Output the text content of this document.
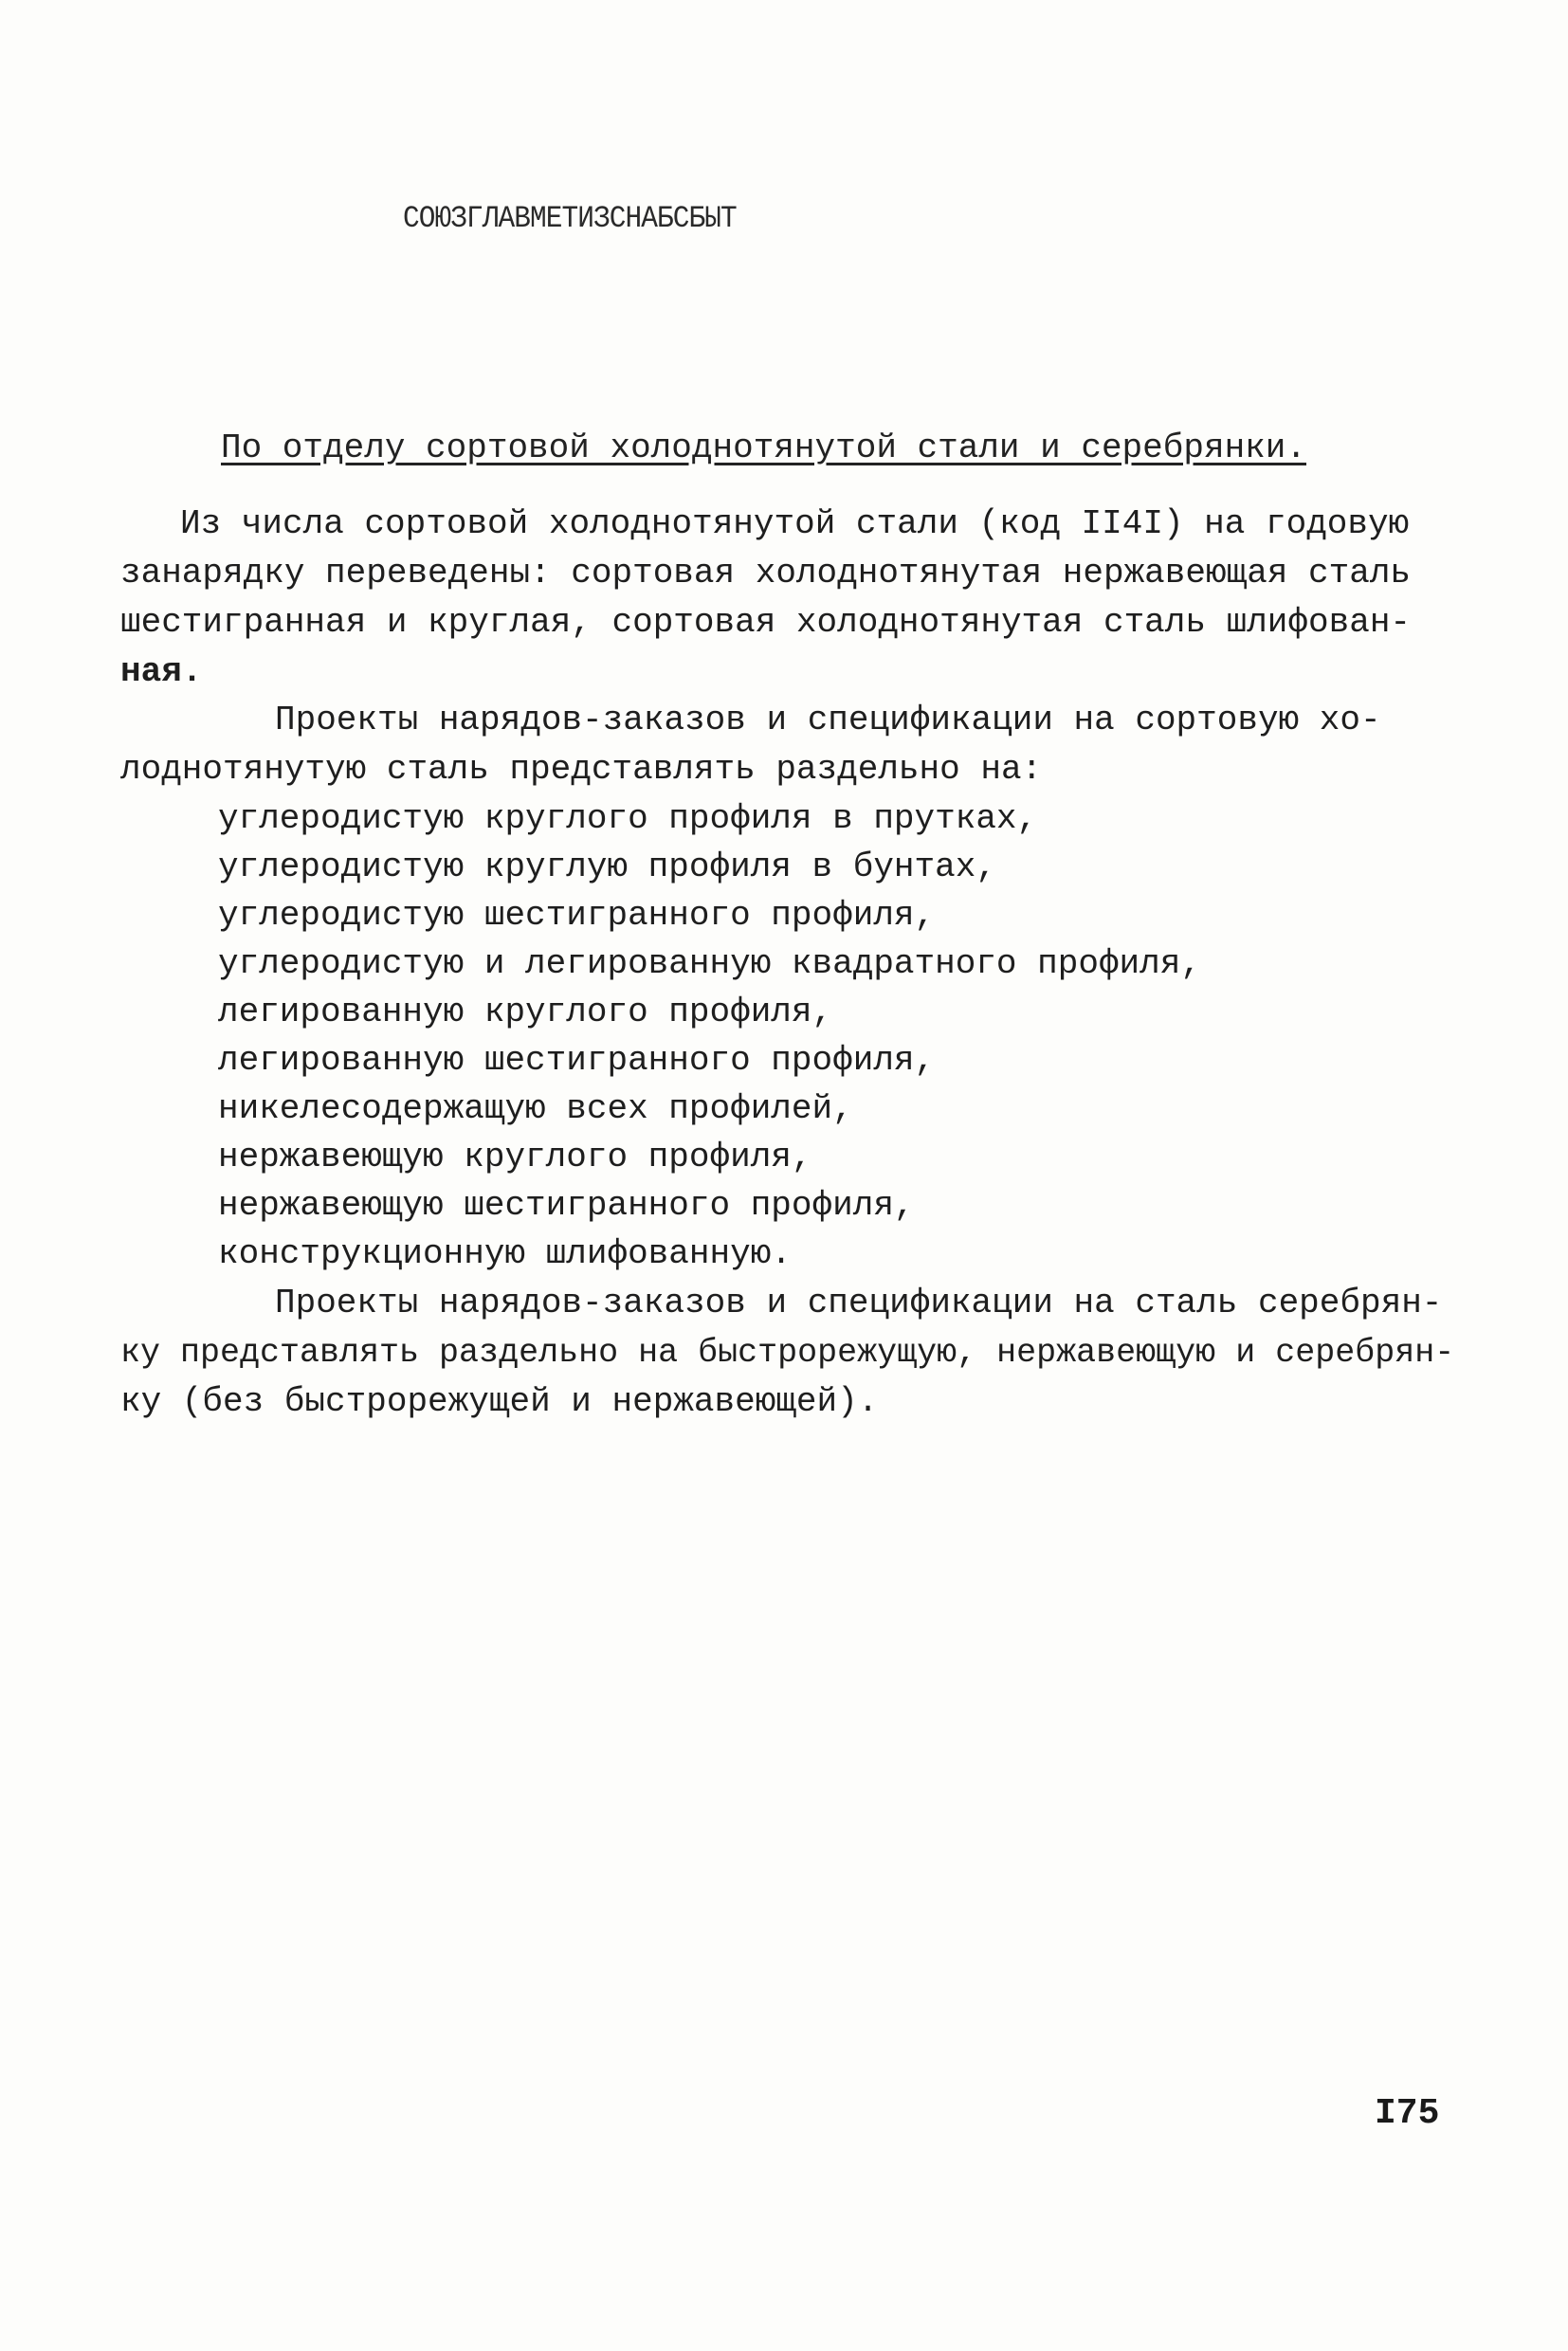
СОЮЗГЛАВМЕТИЗСНАБСБЫТ
По отделу сортовой холоднотянутой стали и серебрянки.
Из числа сортовой холоднотянутой стали (код II4I) на годовую
занарядку переведены: сортовая холоднотянутая нержавеющая сталь
шестигранная и круглая, сортовая холоднотянутая сталь шлифован-
ная.
Проекты нарядов-заказов и спецификации на сортовую хо-
лоднотянутую сталь представлять раздельно на:
углеродистую круглого профиля в прутках,
углеродистую круглую профиля в бунтах,
углеродистую шестигранного профиля,
углеродистую и легированную квадратного профиля,
легированную круглого профиля,
легированную шестигранного профиля,
никелесодержащую всех профилей,
нержавеющую круглого профиля,
нержавеющую шестигранного профиля,
конструкционную шлифованную.
Проекты нарядов-заказов и спецификации на сталь серебрян-
ку представлять раздельно на быстрорежущую, нержавеющую и серебрян-
ку (без быстрорежущей и нержавеющей).
I75
